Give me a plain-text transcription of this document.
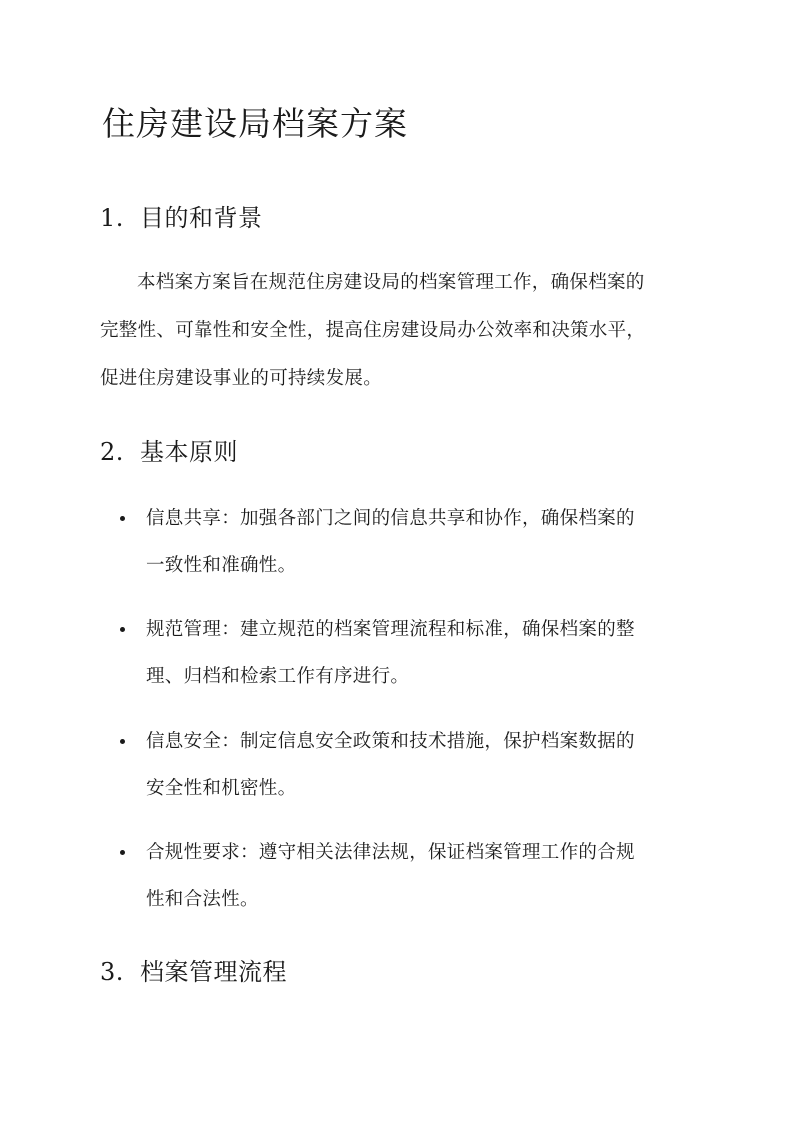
住房建设局档案方案
1. 目的和背景

本档案方案旨在规范住房建设局的档案管理工作，确保档案的
完整性、可靠性和安全性，提高住房建设局办公效率和决策水平，
促进住房建设事业的可持续发展。

2. 基本原则
信息共享：加强各部门之间的信息共享和协作，确保档案的
一致性和准确性。
规范管理：建立规范的档案管理流程和标准，确保档案的整
理、归档和检索工作有序进行。
信息安全：制定信息安全政策和技术措施，保护档案数据的
安全性和机密性。
合规性要求：遵守相关法律法规，保证档案管理工作的合规
性和合法性。
3. 档案管理流程
